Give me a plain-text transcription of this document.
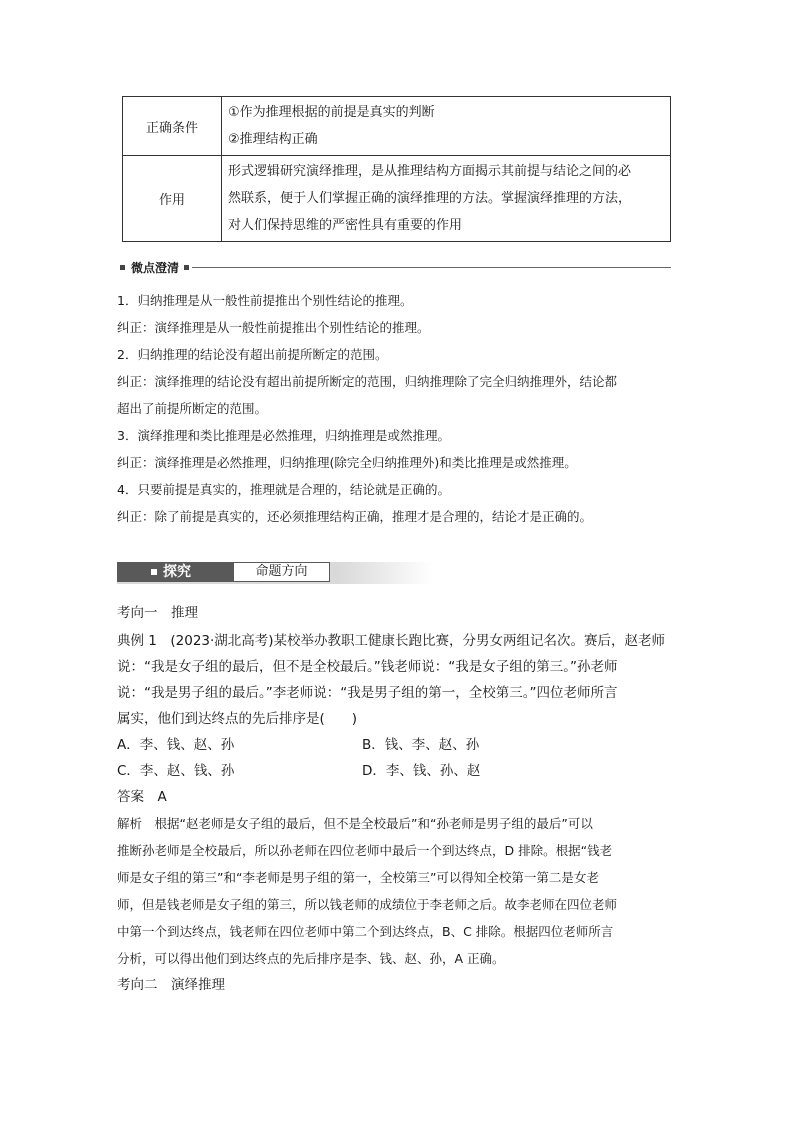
正确条件	①作为推理根据的前提是真实的判断
②推理结构正确

作用	形式逻辑研究演绎推理，是从推理结构方面揭示其前提与结论之间的必
然联系，便于人们掌握正确的演绎推理的方法。掌握演绎推理的方法，
对人们保持思维的严密性具有重要的作用
微点澄清
1．归纳推理是从一般性前提推出个别性结论的推理。
纠正：演绎推理是从一般性前提推出个别性结论的推理。
2．归纳推理的结论没有超出前提所断定的范围。
纠正：演绎推理的结论没有超出前提所断定的范围，归纳推理除了完全归纳推理外，结论都
超出了前提所断定的范围。
3．演绎推理和类比推理是必然推理，归纳推理是或然推理。
纠正：演绎推理是必然推理，归纳推理(除完全归纳推理外)和类比推理是或然推理。
4．只要前提是真实的，推理就是合理的，结论就是正确的。
纠正：除了前提是真实的，还必须推理结构正确，推理才是合理的，结论才是正确的。
探究	命题方向
考向一　推理
典例 1　(2023·湖北高考)某校举办教职工健康长跑比赛，分男女两组记名次。赛后，赵老师
说：“我是女子组的最后，但不是全校最后。”钱老师说：“我是女子组的第三。”孙老师
说：“我是男子组的最后。”李老师说：“我是男子组的第一，全校第三。”四位老师所言
属实，他们到达终点的先后排序是(　　)
A．李、钱、赵、孙	B．钱、李、赵、孙
C．李、赵、钱、孙	D．李、钱、孙、赵
答案　A
解析　根据“赵老师是女子组的最后，但不是全校最后”和“孙老师是男子组的最后”可以
推断孙老师是全校最后，所以孙老师在四位老师中最后一个到达终点，D 排除。根据“钱老
师是女子组的第三”和“李老师是男子组的第一，全校第三”可以得知全校第一第二是女老
师，但是钱老师是女子组的第三，所以钱老师的成绩位于李老师之后。故李老师在四位老师
中第一个到达终点，钱老师在四位老师中第二个到达终点，B、C 排除。根据四位老师所言
分析，可以得出他们到达终点的先后排序是李、钱、赵、孙，A 正确。
考向二　演绎推理
